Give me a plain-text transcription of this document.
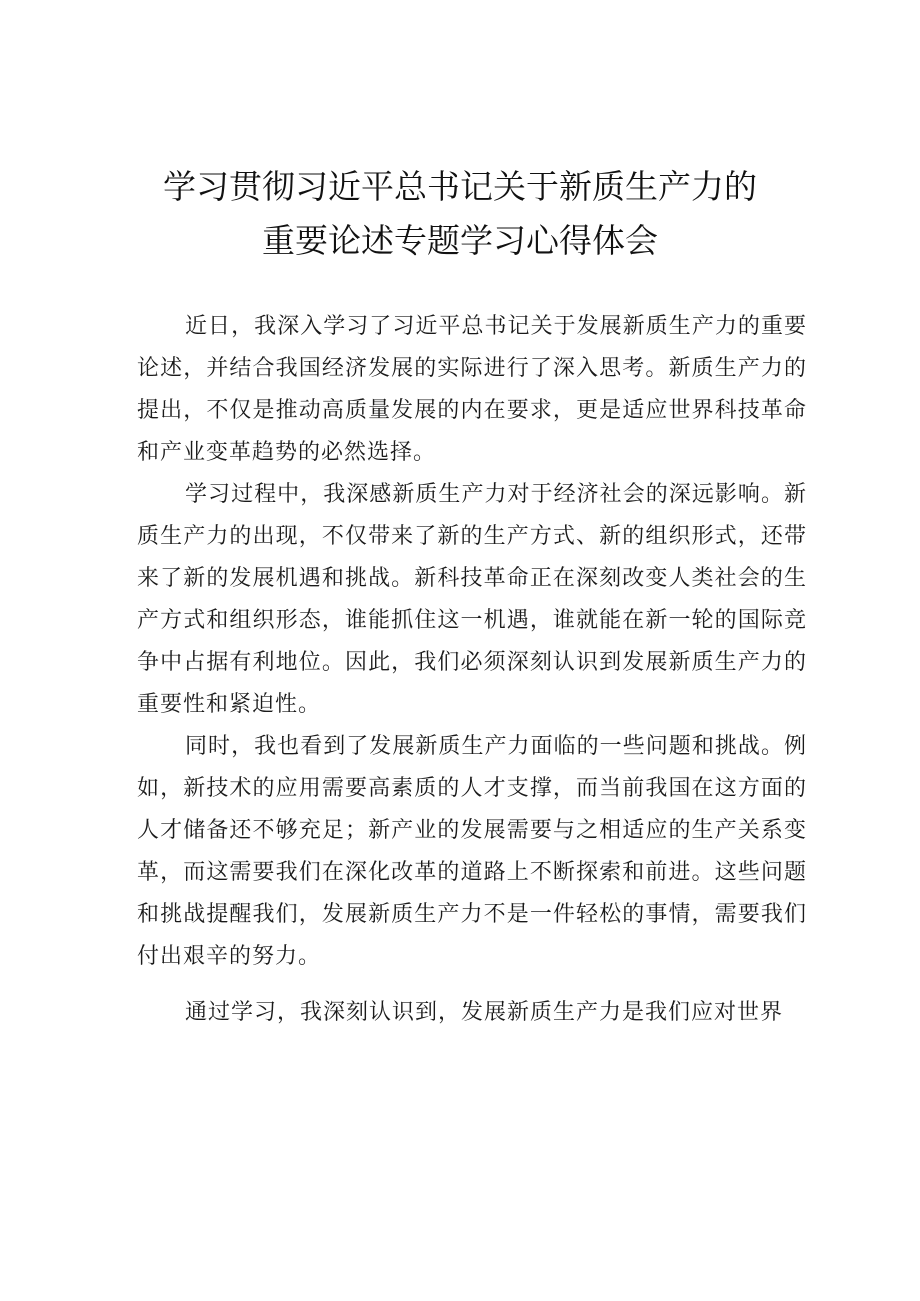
学习贯彻习近平总书记关于新质生产力的
重要论述专题学习心得体会

近日，我深入学习了习近平总书记关于发展新质生产力的重要论述，并结合我国经济发展的实际进行了深入思考。新质生产力的提出，不仅是推动高质量发展的内在要求，更是适应世界科技革命和产业变革趋势的必然选择。

学习过程中，我深感新质生产力对于经济社会的深远影响。新质生产力的出现，不仅带来了新的生产方式、新的组织形式，还带来了新的发展机遇和挑战。新科技革命正在深刻改变人类社会的生产方式和组织形态，谁能抓住这一机遇，谁就能在新一轮的国际竞争中占据有利地位。因此，我们必须深刻认识到发展新质生产力的重要性和紧迫性。

同时，我也看到了发展新质生产力面临的一些问题和挑战。例如，新技术的应用需要高素质的人才支撑，而当前我国在这方面的人才储备还不够充足；新产业的发展需要与之相适应的生产关系变革，而这需要我们在深化改革的道路上不断探索和前进。这些问题和挑战提醒我们，发展新质生产力不是一件轻松的事情，需要我们付出艰辛的努力。

通过学习，我深刻认识到，发展新质生产力是我们应对世界
